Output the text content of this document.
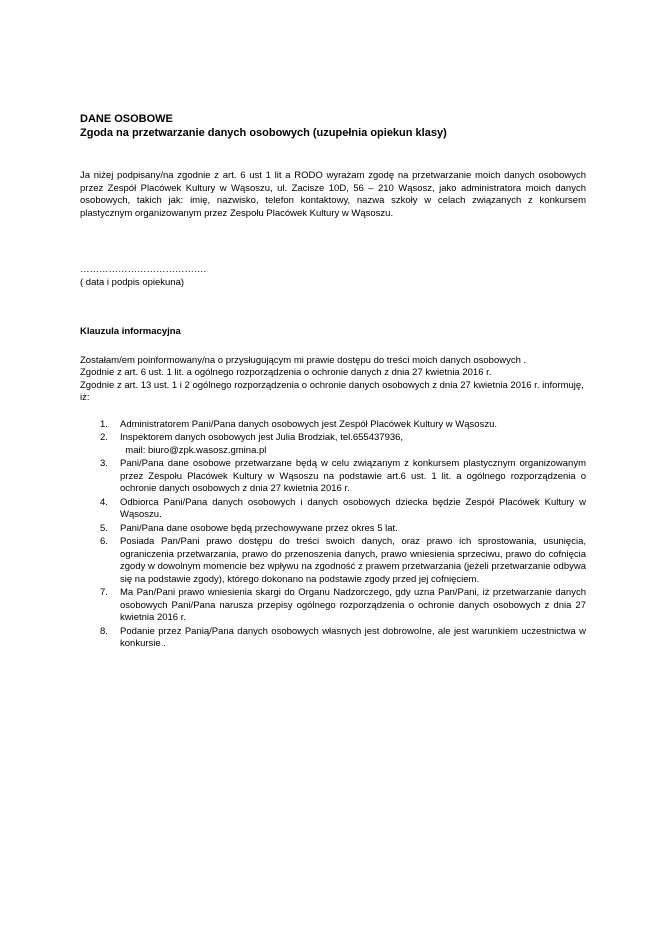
DANE OSOBOWE

Zgoda na przetwarzanie danych osobowych (uzupełnia opiekun klasy)

Ja niżej podpisany/na zgodnie z art. 6 ust 1 lit a RODO wyrażam zgodę na przetwarzanie moich danych osobowych przez Zespół Placówek Kultury w Wąsoszu, ul. Zacisze 10D, 56 – 210 Wąsosz, jako administratora moich danych osobowych, takich jak: imię, nazwisko, telefon kontaktowy, nazwa szkoły w celach związanych z konkursem plastycznym organizowanym przez Zespołu Placówek Kultury w Wąsoszu.

………………………………….

( data i podpis opiekuna)

Klauzula informacyjna

Zostałam/em poinformowany/na o przysługującym mi prawie dostępu do treści moich danych osobowych .

Zgodnie z art. 6 ust. 1 lit. a ogólnego rozporządzenia o ochronie danych z dnia 27 kwietnia 2016 r.

Zgodnie z art. 13 ust. 1 i 2 ogólnego rozporządzenia o ochronie danych osobowych z dnia 27 kwietnia 2016 r. informuję, iż:

1.	Administratorem Pani/Pana danych osobowych jest Zespół Placówek Kultury w Wąsoszu.
2.	Inspektorem danych osobowych jest Julia Brodziak, tel.655437936,
mail: biuro@zpk.wasosz.gmina.pl
3.	Pani/Pana dane osobowe przetwarzane będą w celu związanym z konkursem plastycznym organizowanym przez Zespołu Placówek Kultury w Wąsoszu na podstawie art.6 ust. 1 lit. a ogólnego rozporządzenia o ochronie danych osobowych z dnia 27 kwietnia 2016 r.
4.	Odbiorca Pani/Pana danych osobowych i danych osobowych dziecka będzie Zespół Placówek Kultury w Wąsoszu.
5.	Pani/Pana dane osobowe będą przechowywane przez okres 5 lat.
6.	Posiada Pan/Pani prawo dostępu do treści swoich danych, oraz prawo ich sprostowania, usunięcia, ograniczenia przetwarzania, prawo do przenoszenia danych, prawo wniesienia sprzeciwu, prawo do cofnięcia zgody w dowolnym momencie bez wpływu na zgodność z prawem przetwarzania (jeżeli przetwarzanie odbywa się na podstawie zgody), którego dokonano na podstawie zgody przed jej cofnięciem.
7.	Ma Pan/Pani prawo wniesienia skargi do Organu Nadzorczego, gdy uzna Pan/Pani, iż przetwarzanie danych osobowych Pani/Pana narusza przepisy ogólnego rozporządzenia o ochronie danych osobowych z dnia 27 kwietnia 2016 r.
8.	Podanie przez Panią/Pana danych osobowych własnych jest dobrowolne, ale jest warunkiem uczestnictwa w konkursie .
